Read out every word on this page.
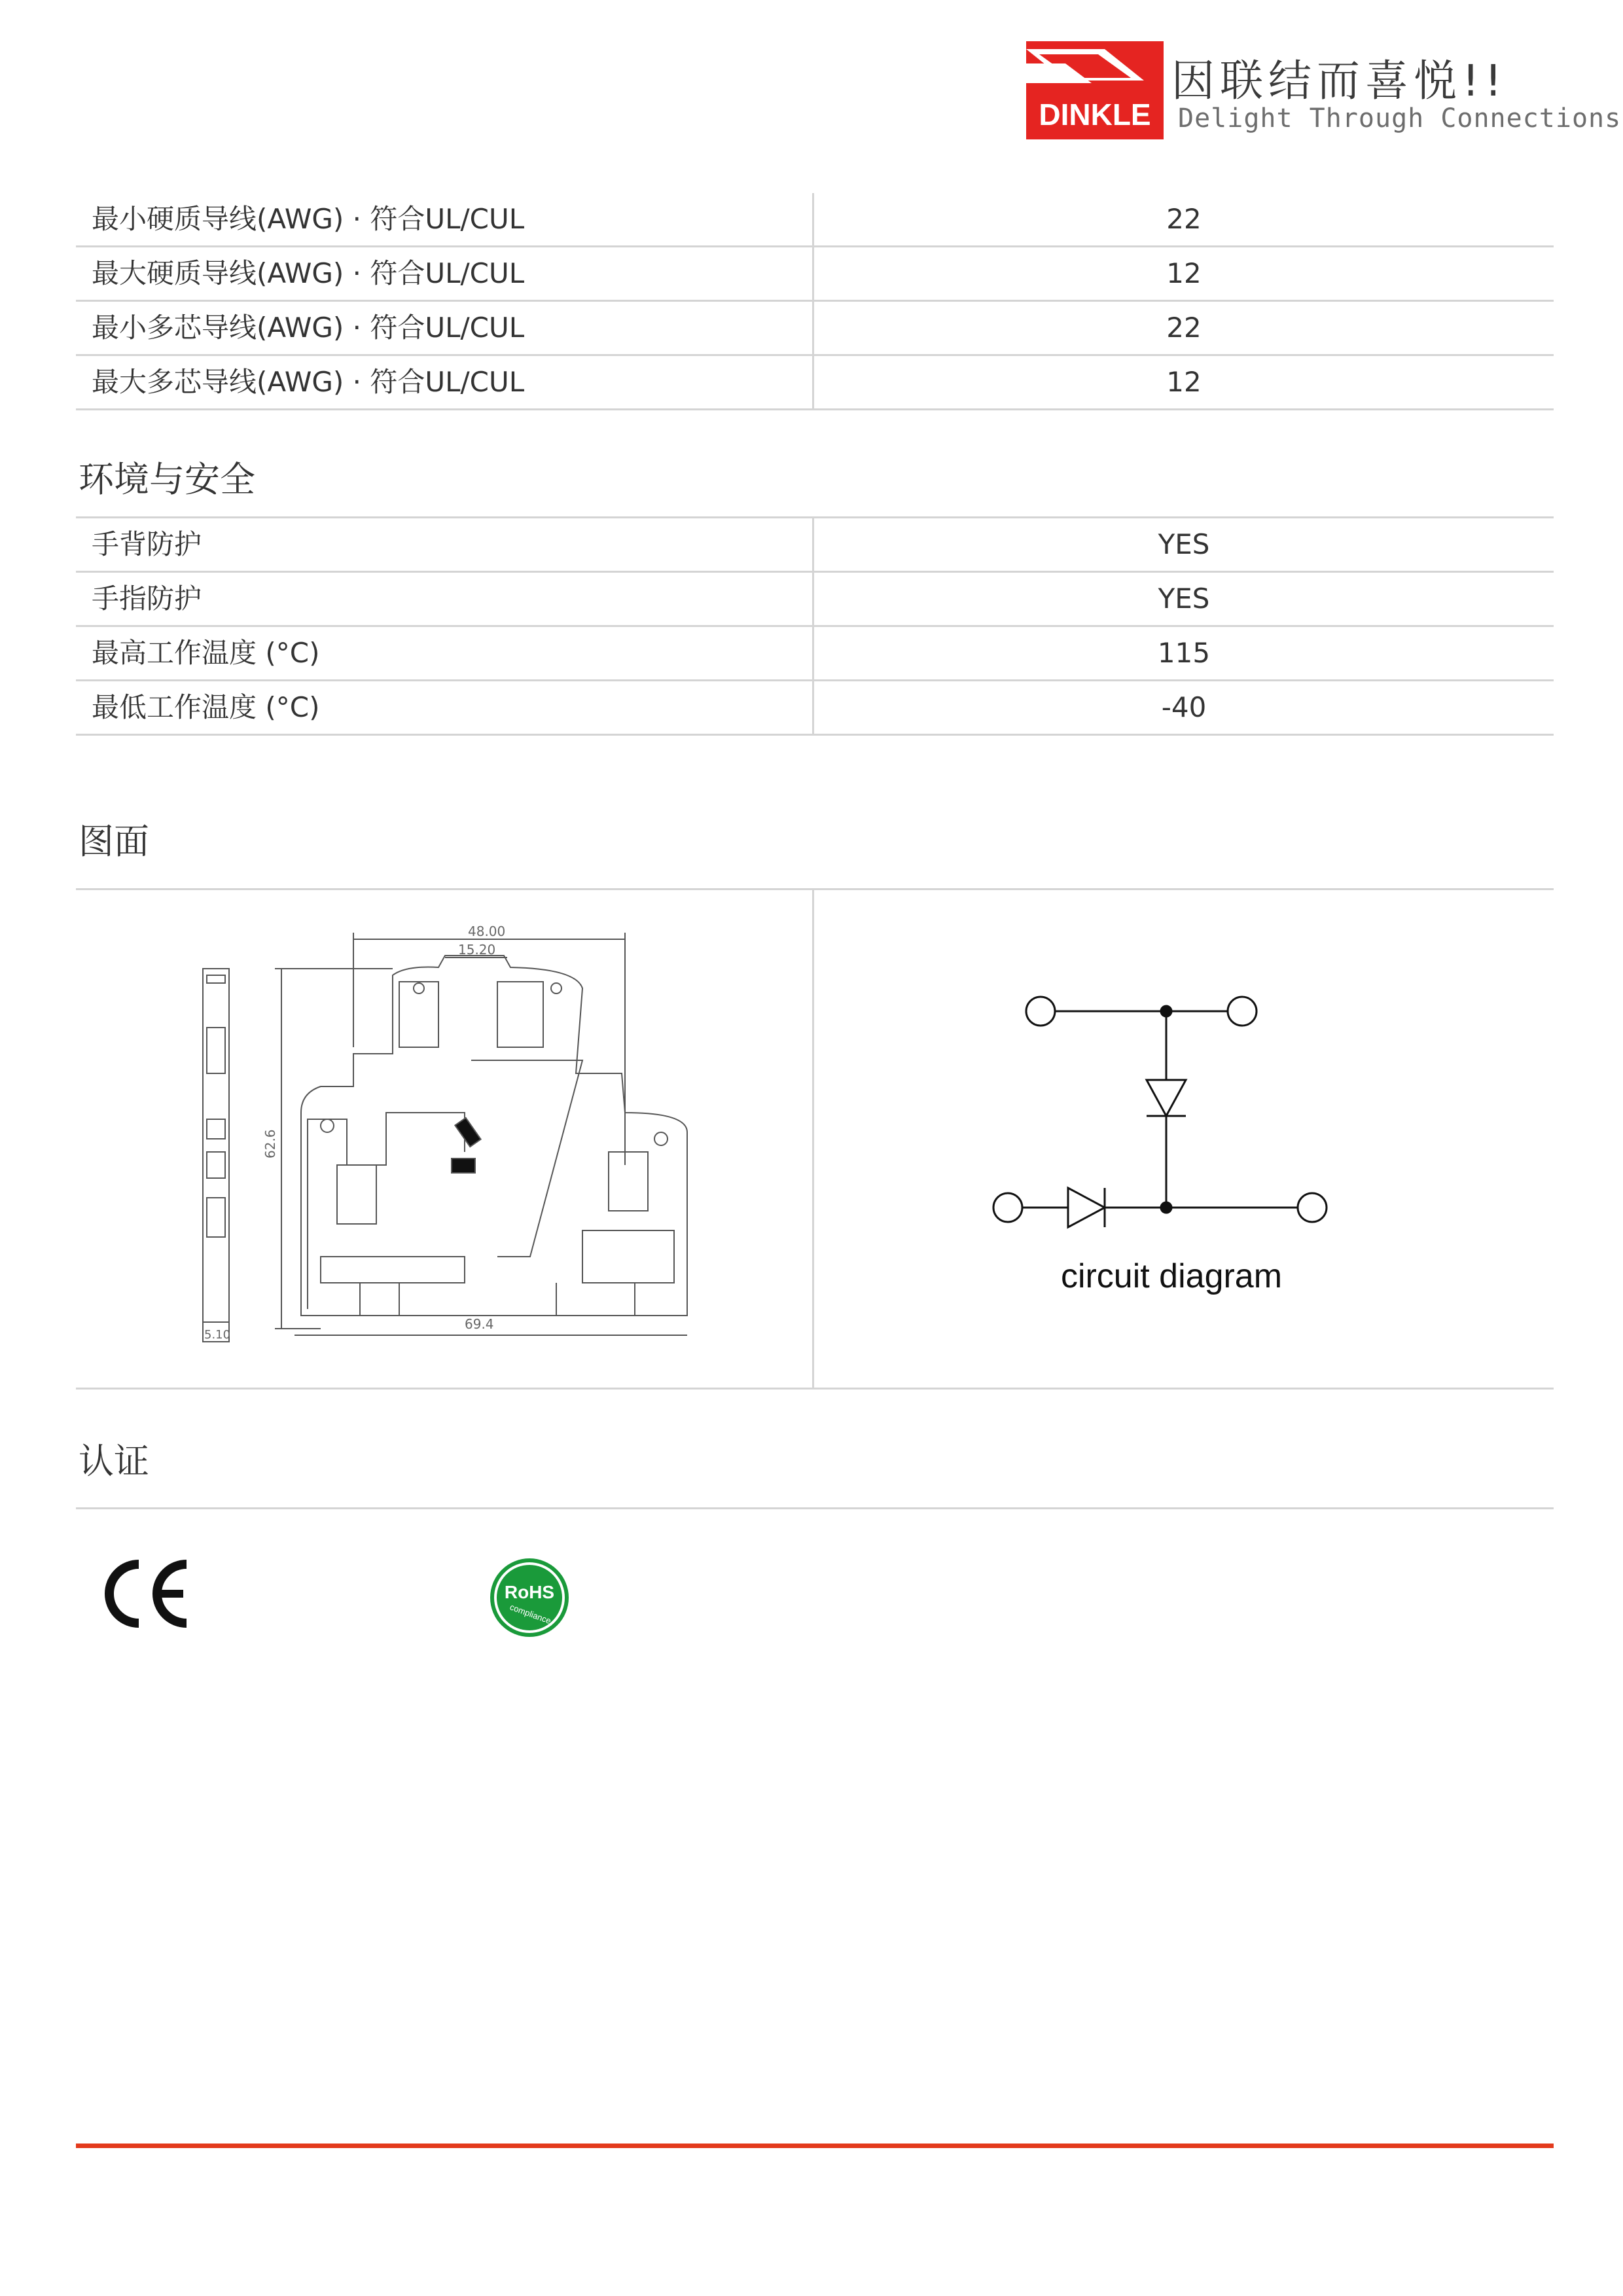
DINKLE
因联结而喜悦!!
Delight Through Connections
最小硬质导线(AWG) · 符合UL/CUL	22
最大硬质导线(AWG) · 符合UL/CUL	12
最小多芯导线(AWG) · 符合UL/CUL	22
最大多芯导线(AWG) · 符合UL/CUL	12
环境与安全
手背防护	YES
手指防护	YES
最高工作温度 (°C)	115
最低工作温度 (°C)	-40
图面
5.10
48.00
15.20
62.6
69.4
circuit diagram
认证
CE
RoHS
compliance
